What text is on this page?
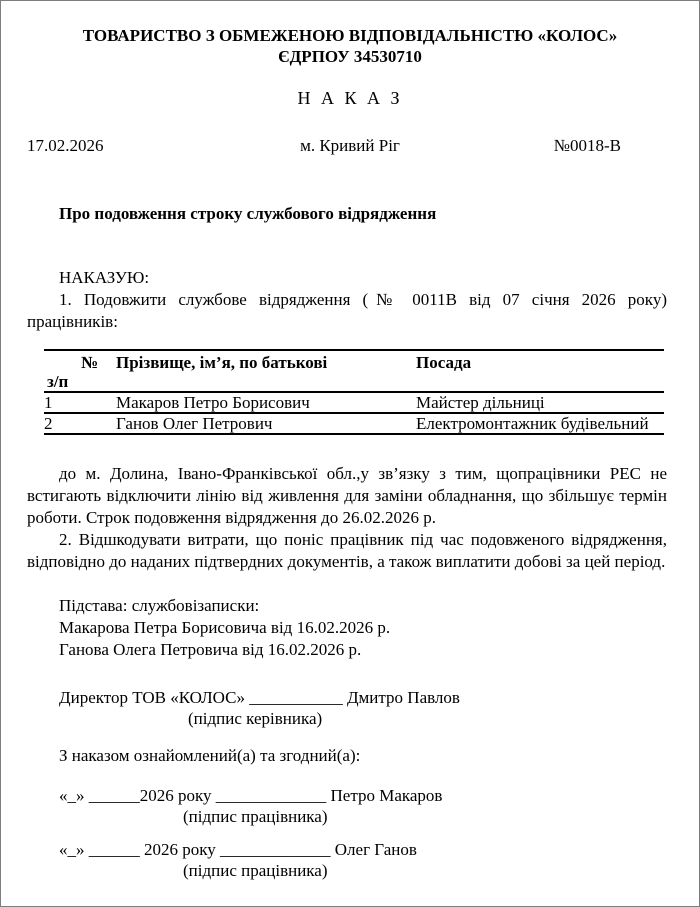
ТОВАРИСТВО З ОБМЕЖЕНОЮ ВІДПОВІДАЛЬНІСТЮ «КОЛОС»
ЄДРПОУ 34530710
Н А К А З
17.02.2026	м. Кривий Ріг	№0018-В
Про подовження строку службового відрядження
НАКАЗУЮ:

1. Подовжити службове відрядження (№ 0011В від 07 січня 2026 року) працівників:

№
з/п	Прізвище, ім’я, по батькові	Посада
1	Макаров Петро Борисович	Майстер дільниці
2	Ганов Олег Петрович	Електромонтажник будівельний

до м. Долина, Івано-Франківської обл.,у зв’язку з тим, щопрацівники РЕС не встигають відключити лінію від живлення для заміни обладнання, що збільшує термін роботи. Строк подовження відрядження до 26.02.2026 р.

2. Відшкодувати витрати, що поніс працівник під час подовженого відрядження, відповідно до наданих підтвердних документів, а також виплатити добові за цей період.

Підстава: службовізаписки:
Макарова Петра Борисовича від 16.02.2026 р.
Ганова Олега Петровича від 16.02.2026 р.
Директор ТОВ «КОЛОС» ___________ Дмитро Павлов
(підпис керівника)
З наказом ознайомлений(а) та згодний(а):
«_» ______2026 року _____________ Петро Макаров
(підпис працівника)
«_» ______ 2026 року _____________ Олег Ганов
(підпис працівника)
